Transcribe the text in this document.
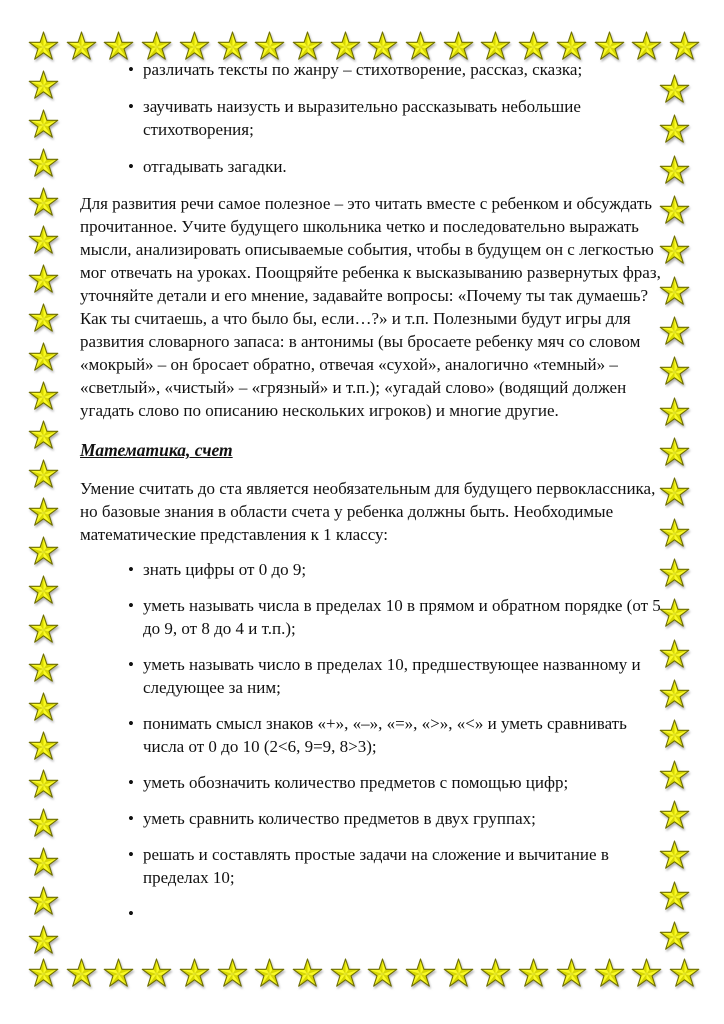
• различать тексты по жанру – стихотворение, рассказ, сказка;
• заучивать наизусть и выразительно рассказывать небольшие стихотворения;
• отгадывать загадки.

Для развития речи самое полезное – это читать вместе с ребенком и обсуждать прочитанное. Учите будущего школьника четко и последовательно выражать мысли, анализировать описываемые события, чтобы в будущем он с легкостью мог отвечать на уроках. Поощряйте ребенка к высказыванию развернутых фраз, уточняйте детали и его мнение, задавайте вопросы: «Почему ты так думаешь? Как ты считаешь, а что было бы, если…?» и т.п. Полезными будут игры для развития словарного запаса: в антонимы (вы бросаете ребенку мяч со словом «мокрый» – он бросает обратно, отвечая «сухой», аналогично «темный» – «светлый», «чистый» – «грязный» и т.п.); «угадай слово» (водящий должен угадать слово по описанию нескольких игроков) и многие другие.

Математика, счет

Умение считать до ста является необязательным для будущего первоклассника, но базовые знания в области счета у ребенка должны быть. Необходимые математические представления к 1 классу:

• знать цифры от 0 до 9;
• уметь называть числа в пределах 10 в прямом и обратном порядке (от 5 до 9, от 8 до 4 и т.п.);
• уметь называть число в пределах 10, предшествующее названному и следующее за ним;
• понимать смысл знаков «+», «–», «=», «>», «<» и уметь сравнивать числа от 0 до 10 (2<6, 9=9, 8>3);
• уметь обозначить количество предметов с помощью цифр;
• уметь сравнить количество предметов в двух группах;
• решать и составлять простые задачи на сложение и вычитание в пределах 10;
•
